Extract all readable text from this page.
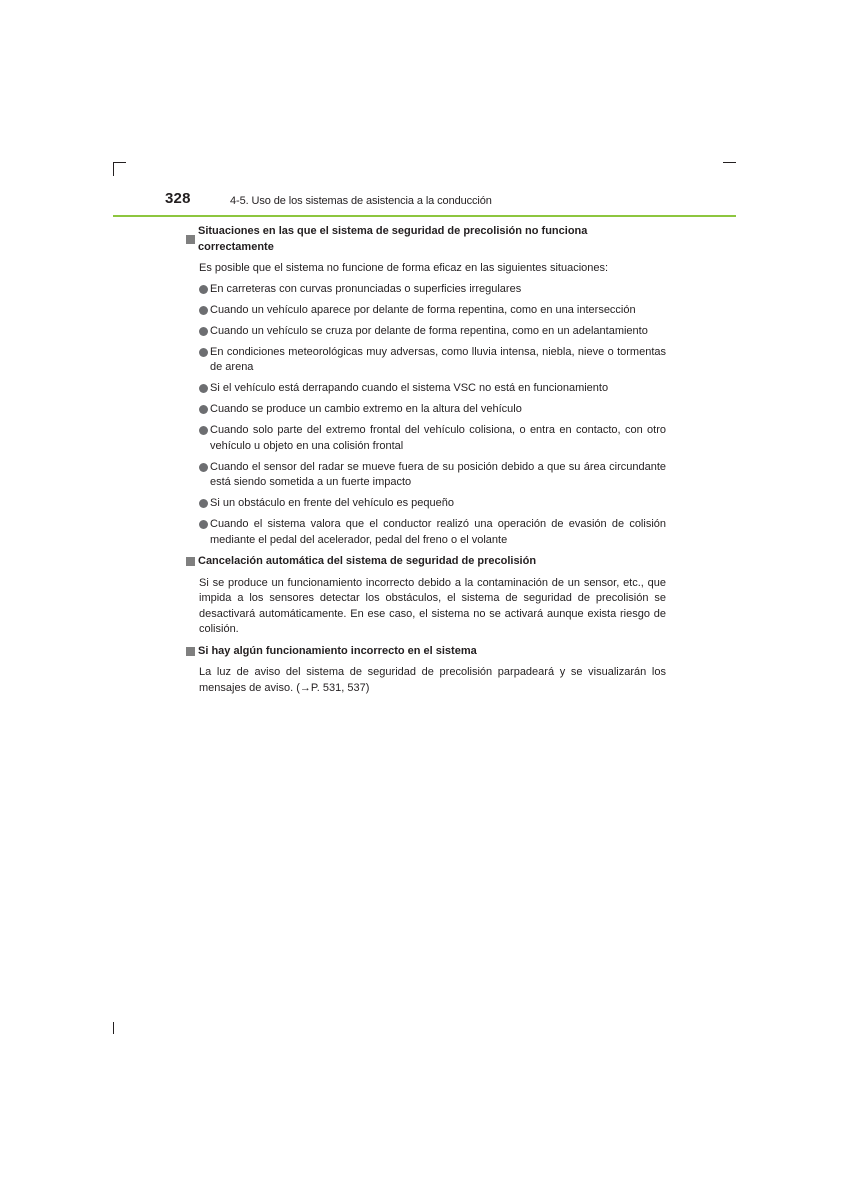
328	4-5. Uso de los sistemas de asistencia a la conducción
Situaciones en las que el sistema de seguridad de precolisión no funciona correctamente
Es posible que el sistema no funcione de forma eficaz en las siguientes situaciones:
En carreteras con curvas pronunciadas o superficies irregulares
Cuando un vehículo aparece por delante de forma repentina, como en una intersección
Cuando un vehículo se cruza por delante de forma repentina, como en un adelantamiento
En condiciones meteorológicas muy adversas, como lluvia intensa, niebla, nieve o tormentas de arena
Si el vehículo está derrapando cuando el sistema VSC no está en funcionamiento
Cuando se produce un cambio extremo en la altura del vehículo
Cuando solo parte del extremo frontal del vehículo colisiona, o entra en contacto, con otro vehículo u objeto en una colisión frontal
Cuando el sensor del radar se mueve fuera de su posición debido a que su área circundante está siendo sometida a un fuerte impacto
Si un obstáculo en frente del vehículo es pequeño
Cuando el sistema valora que el conductor realizó una operación de evasión de colisión mediante el pedal del acelerador, pedal del freno o el volante
Cancelación automática del sistema de seguridad de precolisión
Si se produce un funcionamiento incorrecto debido a la contaminación de un sensor, etc., que impida a los sensores detectar los obstáculos, el sistema de seguridad de precolisión se desactivará automáticamente. En ese caso, el sistema no se activará aunque exista riesgo de colisión.
Si hay algún funcionamiento incorrecto en el sistema
La luz de aviso del sistema de seguridad de precolisión parpadeará y se visualizarán los mensajes de aviso. (→P. 531, 537)
